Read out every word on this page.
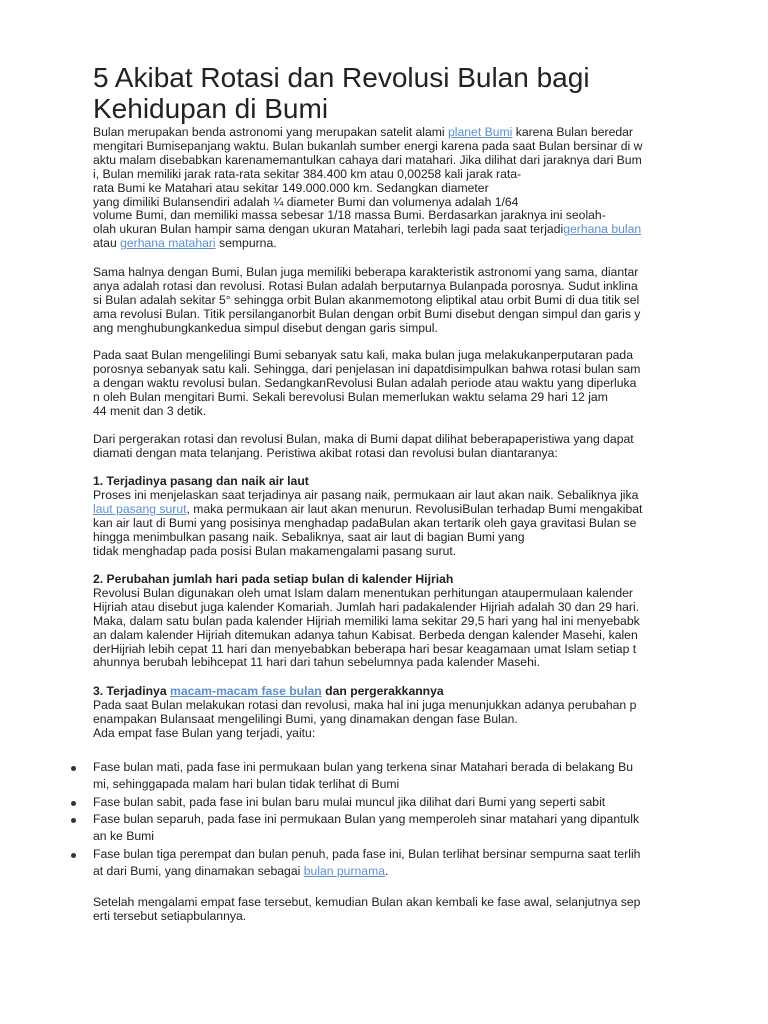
5 Akibat Rotasi dan Revolusi Bulan bagi
Kehidupan di Bumi

Bulan merupakan benda astronomi yang merupakan satelit alami planet Bumi karena Bulan beredar
mengitari Bumisepanjang waktu. Bulan bukanlah sumber energi karena pada saat Bulan bersinar di w
aktu malam disebabkan karenamemantulkan cahaya dari matahari. Jika dilihat dari jaraknya dari Bum
i, Bulan memiliki jarak rata-rata sekitar 384.400 km atau 0,00258 kali jarak rata-
rata Bumi ke Matahari atau sekitar 149.000.000 km. Sedangkan diameter
yang dimiliki Bulansendiri adalah ¼ diameter Bumi dan volumenya adalah 1/64
volume Bumi, dan memiliki massa sebesar 1/18 massa Bumi. Berdasarkan jaraknya ini seolah-
olah ukuran Bulan hampir sama dengan ukuran Matahari, terlebih lagi pada saat terjadigerhana bulan
atau gerhana matahari sempurna.

Sama halnya dengan Bumi, Bulan juga memiliki beberapa karakteristik astronomi yang sama, diantar
anya adalah rotasi dan revolusi. Rotasi Bulan adalah berputarnya Bulanpada porosnya. Sudut inklina
si Bulan adalah sekitar 5° sehingga orbit Bulan akanmemotong eliptikal atau orbit Bumi di dua titik sel
ama revolusi Bulan. Titik persilanganorbit Bulan dengan orbit Bumi disebut dengan simpul dan garis y
ang menghubungkankedua simpul disebut dengan garis simpul.

Pada saat Bulan mengelilingi Bumi sebanyak satu kali, maka bulan juga melakukanperputaran pada
porosnya sebanyak satu kali. Sehingga, dari penjelasan ini dapatdisimpulkan bahwa rotasi bulan sam
a dengan waktu revolusi bulan. SedangkanRevolusi Bulan adalah periode atau waktu yang diperluka
n oleh Bulan mengitari Bumi. Sekali berevolusi Bulan memerlukan waktu selama 29 hari 12 jam
44 menit dan 3 detik.

Dari pergerakan rotasi dan revolusi Bulan, maka di Bumi dapat dilihat beberapaperistiwa yang dapat
diamati dengan mata telanjang. Peristiwa akibat rotasi dan revolusi bulan diantaranya:

1. Terjadinya pasang dan naik air laut
Proses ini menjelaskan saat terjadinya air pasang naik, permukaan air laut akan naik. Sebaliknya jika
laut pasang surut, maka permukaan air laut akan menurun. RevolusiBulan terhadap Bumi mengakibat
kan air laut di Bumi yang posisinya menghadap padaBulan akan tertarik oleh gaya gravitasi Bulan se
hingga menimbulkan pasang naik. Sebaliknya, saat air laut di bagian Bumi yang
tidak menghadap pada posisi Bulan makamengalami pasang surut.

2. Perubahan jumlah hari pada setiap bulan di kalender Hijriah
Revolusi Bulan digunakan oleh umat Islam dalam menentukan perhitungan ataupermulaan kalender
Hijriah atau disebut juga kalender Komariah. Jumlah hari padakalender Hijriah adalah 30 dan 29 hari.
Maka, dalam satu bulan pada kalender Hijriah memiliki lama sekitar 29,5 hari yang hal ini menyebabk
an dalam kalender Hijriah ditemukan adanya tahun Kabisat. Berbeda dengan kalender Masehi, kalen
derHijriah lebih cepat 11 hari dan menyebabkan beberapa hari besar keagamaan umat Islam setiap t
ahunnya berubah lebihcepat 11 hari dari tahun sebelumnya pada kalender Masehi.

3. Terjadinya macam-macam fase bulan dan pergerakkannya
Pada saat Bulan melakukan rotasi dan revolusi, maka hal ini juga menunjukkan adanya perubahan p
enampakan Bulansaat mengelilingi Bumi, yang dinamakan dengan fase Bulan.
Ada empat fase Bulan yang terjadi, yaitu:

Fase bulan mati, pada fase ini permukaan bulan yang terkena sinar Matahari berada di belakang Bu
mi, sehinggapada malam hari bulan tidak terlihat di Bumi

Fase bulan sabit, pada fase ini bulan baru mulai muncul jika dilihat dari Bumi yang seperti sabit

Fase bulan separuh, pada fase ini permukaan Bulan yang memperoleh sinar matahari yang dipantulk
an ke Bumi

Fase bulan tiga perempat dan bulan penuh, pada fase ini, Bulan terlihat bersinar sempurna saat terlih
at dari Bumi, yang dinamakan sebagai bulan purnama.

Setelah mengalami empat fase tersebut, kemudian Bulan akan kembali ke fase awal, selanjutnya sep
erti tersebut setiapbulannya.
